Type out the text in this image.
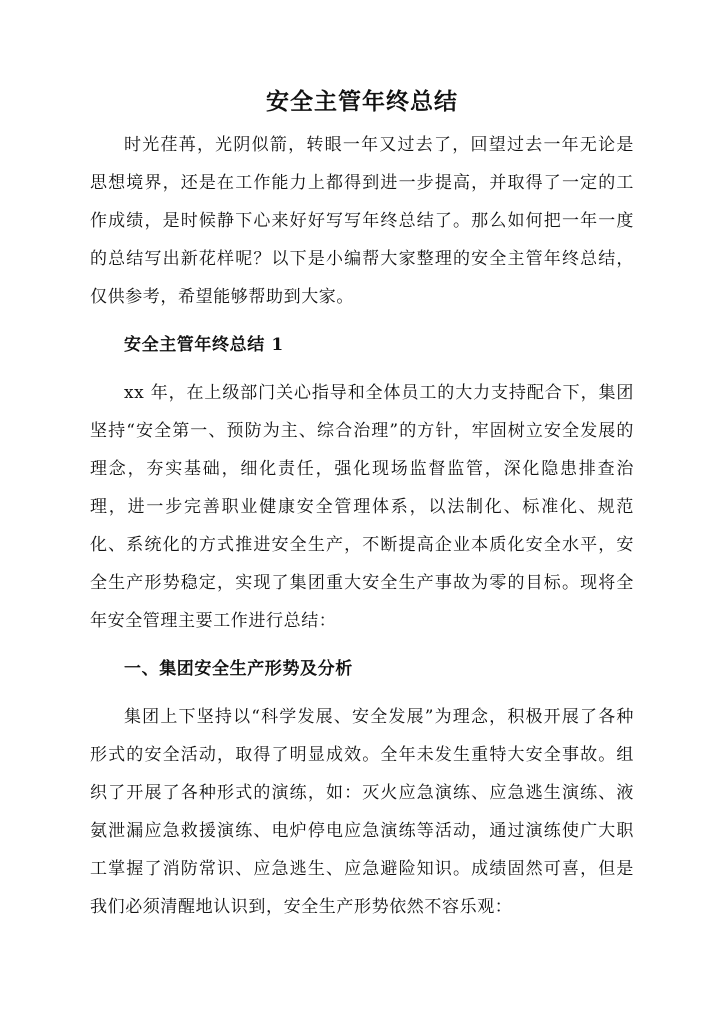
安全主管年终总结

时光荏苒，光阴似箭，转眼一年又过去了，回望过去一年无论是思想境界，还是在工作能力上都得到进一步提高，并取得了一定的工作成绩，是时候静下心来好好写写年终总结了。那么如何把一年一度的总结写出新花样呢？以下是小编帮大家整理的安全主管年终总结，仅供参考，希望能够帮助到大家。

安全主管年终总结 1

xx 年，在上级部门关心指导和全体员工的大力支持配合下，集团坚持“安全第一、预防为主、综合治理”的方针，牢固树立安全发展的理念，夯实基础，细化责任，强化现场监督监管，深化隐患排查治理，进一步完善职业健康安全管理体系，以法制化、标准化、规范化、系统化的方式推进安全生产，不断提高企业本质化安全水平，安全生产形势稳定，实现了集团重大安全生产事故为零的目标。现将全年安全管理主要工作进行总结：

一、集团安全生产形势及分析

集团上下坚持以“科学发展、安全发展”为理念，积极开展了各种形式的安全活动，取得了明显成效。全年未发生重特大安全事故。组织了开展了各种形式的演练，如：灭火应急演练、应急逃生演练、液氨泄漏应急救援演练、电炉停电应急演练等活动，通过演练使广大职工掌握了消防常识、应急逃生、应急避险知识。成绩固然可喜，但是我们必须清醒地认识到，安全生产形势依然不容乐观：
